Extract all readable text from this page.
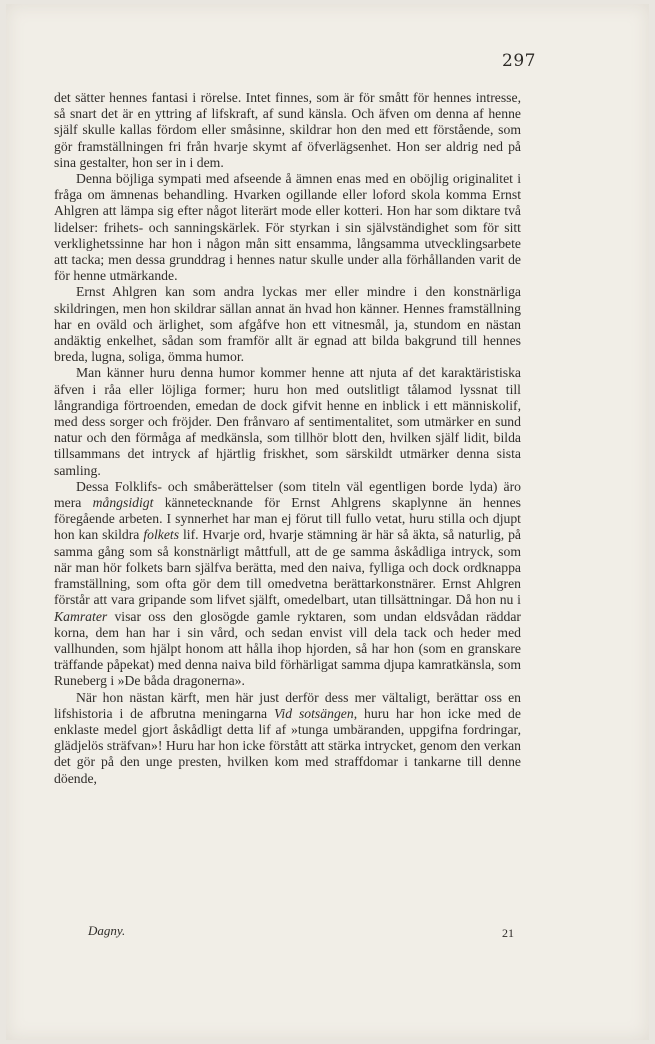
297

det sätter hennes fantasi i rörelse. Intet finnes, som är för smått för hennes intresse, så snart det är en yttring af lifskraft, af sund känsla. Och äfven om denna af henne själf skulle kallas fördom eller småsinne, skildrar hon den med ett förstående, som gör framställningen fri från hvarje skymt af öfverlägsenhet. Hon ser aldrig ned på sina gestalter, hon ser in i dem.

Denna böjliga sympati med afseende å ämnen enas med en oböjlig originalitet i fråga om ämnenas behandling. Hvarken ogillande eller loford skola komma Ernst Ahlgren att lämpa sig efter något literärt mode eller kotteri. Hon har som diktare två lidelser: frihets- och sanningskärlek. För styrkan i sin självständighet som för sitt verklighetssinne har hon i någon mån sitt ensamma, långsamma utvecklingsarbete att tacka; men dessa grunddrag i hennes natur skulle under alla förhållanden varit de för henne utmärkande.

Ernst Ahlgren kan som andra lyckas mer eller mindre i den konstnärliga skildringen, men hon skildrar sällan annat än hvad hon känner. Hennes framställning har en oväld och ärlighet, som afgåfve hon ett vitnesmål, ja, stundom en nästan andäktig enkelhet, sådan som framför allt är egnad att bilda bakgrund till hennes breda, lugna, soliga, ömma humor.

Man känner huru denna humor kommer henne att njuta af det karaktäristiska äfven i råa eller löjliga former; huru hon med outslitligt tålamod lyssnat till långrandiga förtroenden, emedan de dock gifvit henne en inblick i ett människolif, med dess sorger och fröjder. Den frånvaro af sentimentalitet, som utmärker en sund natur och den förmåga af medkänsla, som tillhör blott den, hvilken själf lidit, bilda tillsammans det intryck af hjärtlig friskhet, som särskildt utmärker denna sista samling.

Dessa Folklifs- och småberättelser (som titeln väl egentligen borde lyda) äro mera mångsidigt kännetecknande för Ernst Ahlgrens skaplynne än hennes föregående arbeten. I synnerhet har man ej förut till fullo vetat, huru stilla och djupt hon kan skildra folkets lif. Hvarje ord, hvarje stämning är här så äkta, så naturlig, på samma gång som så konstnärligt måttfull, att de ge samma åskådliga intryck, som när man hör folkets barn själfva berätta, med den naiva, fylliga och dock ordknappa framställning, som ofta gör dem till omedvetna berättarkonstnärer. Ernst Ahlgren förstår att vara gripande som lifvet själft, omedelbart, utan tillsättningar. Då hon nu i Kamrater visar oss den glosögde gamle ryktaren, som undan eldsvådan räddar korna, dem han har i sin vård, och sedan envist vill dela tack och heder med vallhunden, som hjälpt honom att hålla ihop hjorden, så har hon (som en granskare träffande påpekat) med denna naiva bild förhärligat samma djupa kamratkänsla, som Runeberg i »De båda dragonerna».

När hon nästan kärft, men här just derför dess mer vältaligt, berättar oss en lifshistoria i de afbrutna meningarna Vid sotsängen, huru har hon icke med de enklaste medel gjort åskådligt detta lif af »tunga umbäranden, uppgifna fordringar, glädjelös sträfvan»! Huru har hon icke förstått att stärka intrycket, genom den verkan det gör på den unge presten, hvilken kom med straffdomar i tankarne till denne döende,

Dagny.	21
